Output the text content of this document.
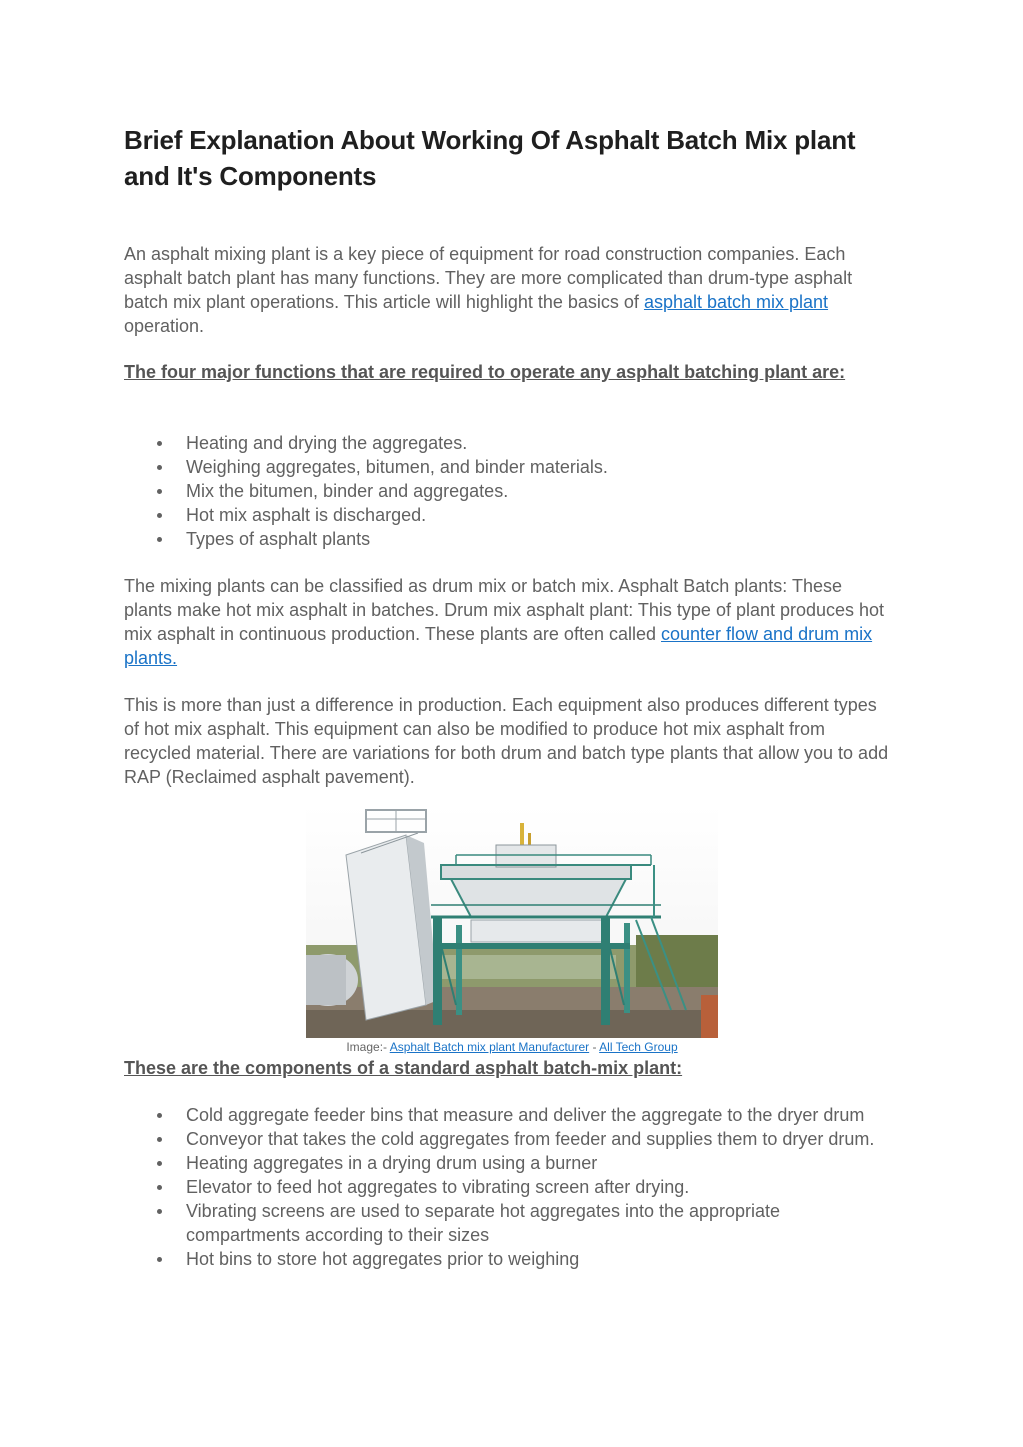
Brief Explanation About Working Of Asphalt Batch Mix plant and It's Components

An asphalt mixing plant is a key piece of equipment for road construction companies. Each asphalt batch plant has many functions. They are more complicated than drum-type asphalt batch mix plant operations. This article will highlight the basics of asphalt batch mix plant operation.

The four major functions that are required to operate any asphalt batching plant are:

Heating and drying the aggregates.
Weighing aggregates, bitumen, and binder materials.
Mix the bitumen, binder and aggregates.
Hot mix asphalt is discharged.
Types of asphalt plants

The mixing plants can be classified as drum mix or batch mix. Asphalt Batch plants: These plants make hot mix asphalt in batches. Drum mix asphalt plant: This type of plant produces hot mix asphalt in continuous production. These plants are often called counter flow and drum mix plants.

This is more than just a difference in production. Each equipment also produces different types of hot mix asphalt. This equipment can also be modified to produce hot mix asphalt from recycled material. There are variations for both drum and batch type plants that allow you to add RAP (Reclaimed asphalt pavement).

Image:- Asphalt Batch mix plant Manufacturer - All Tech Group

These are the components of a standard asphalt batch-mix plant:

Cold aggregate feeder bins that measure and deliver the aggregate to the dryer drum
Conveyor that takes the cold aggregates from feeder and supplies them to dryer drum.
Heating aggregates in a drying drum using a burner
Elevator to feed hot aggregates to vibrating screen after drying.
Vibrating screens are used to separate hot aggregates into the appropriate compartments according to their sizes
Hot bins to store hot aggregates prior to weighing
